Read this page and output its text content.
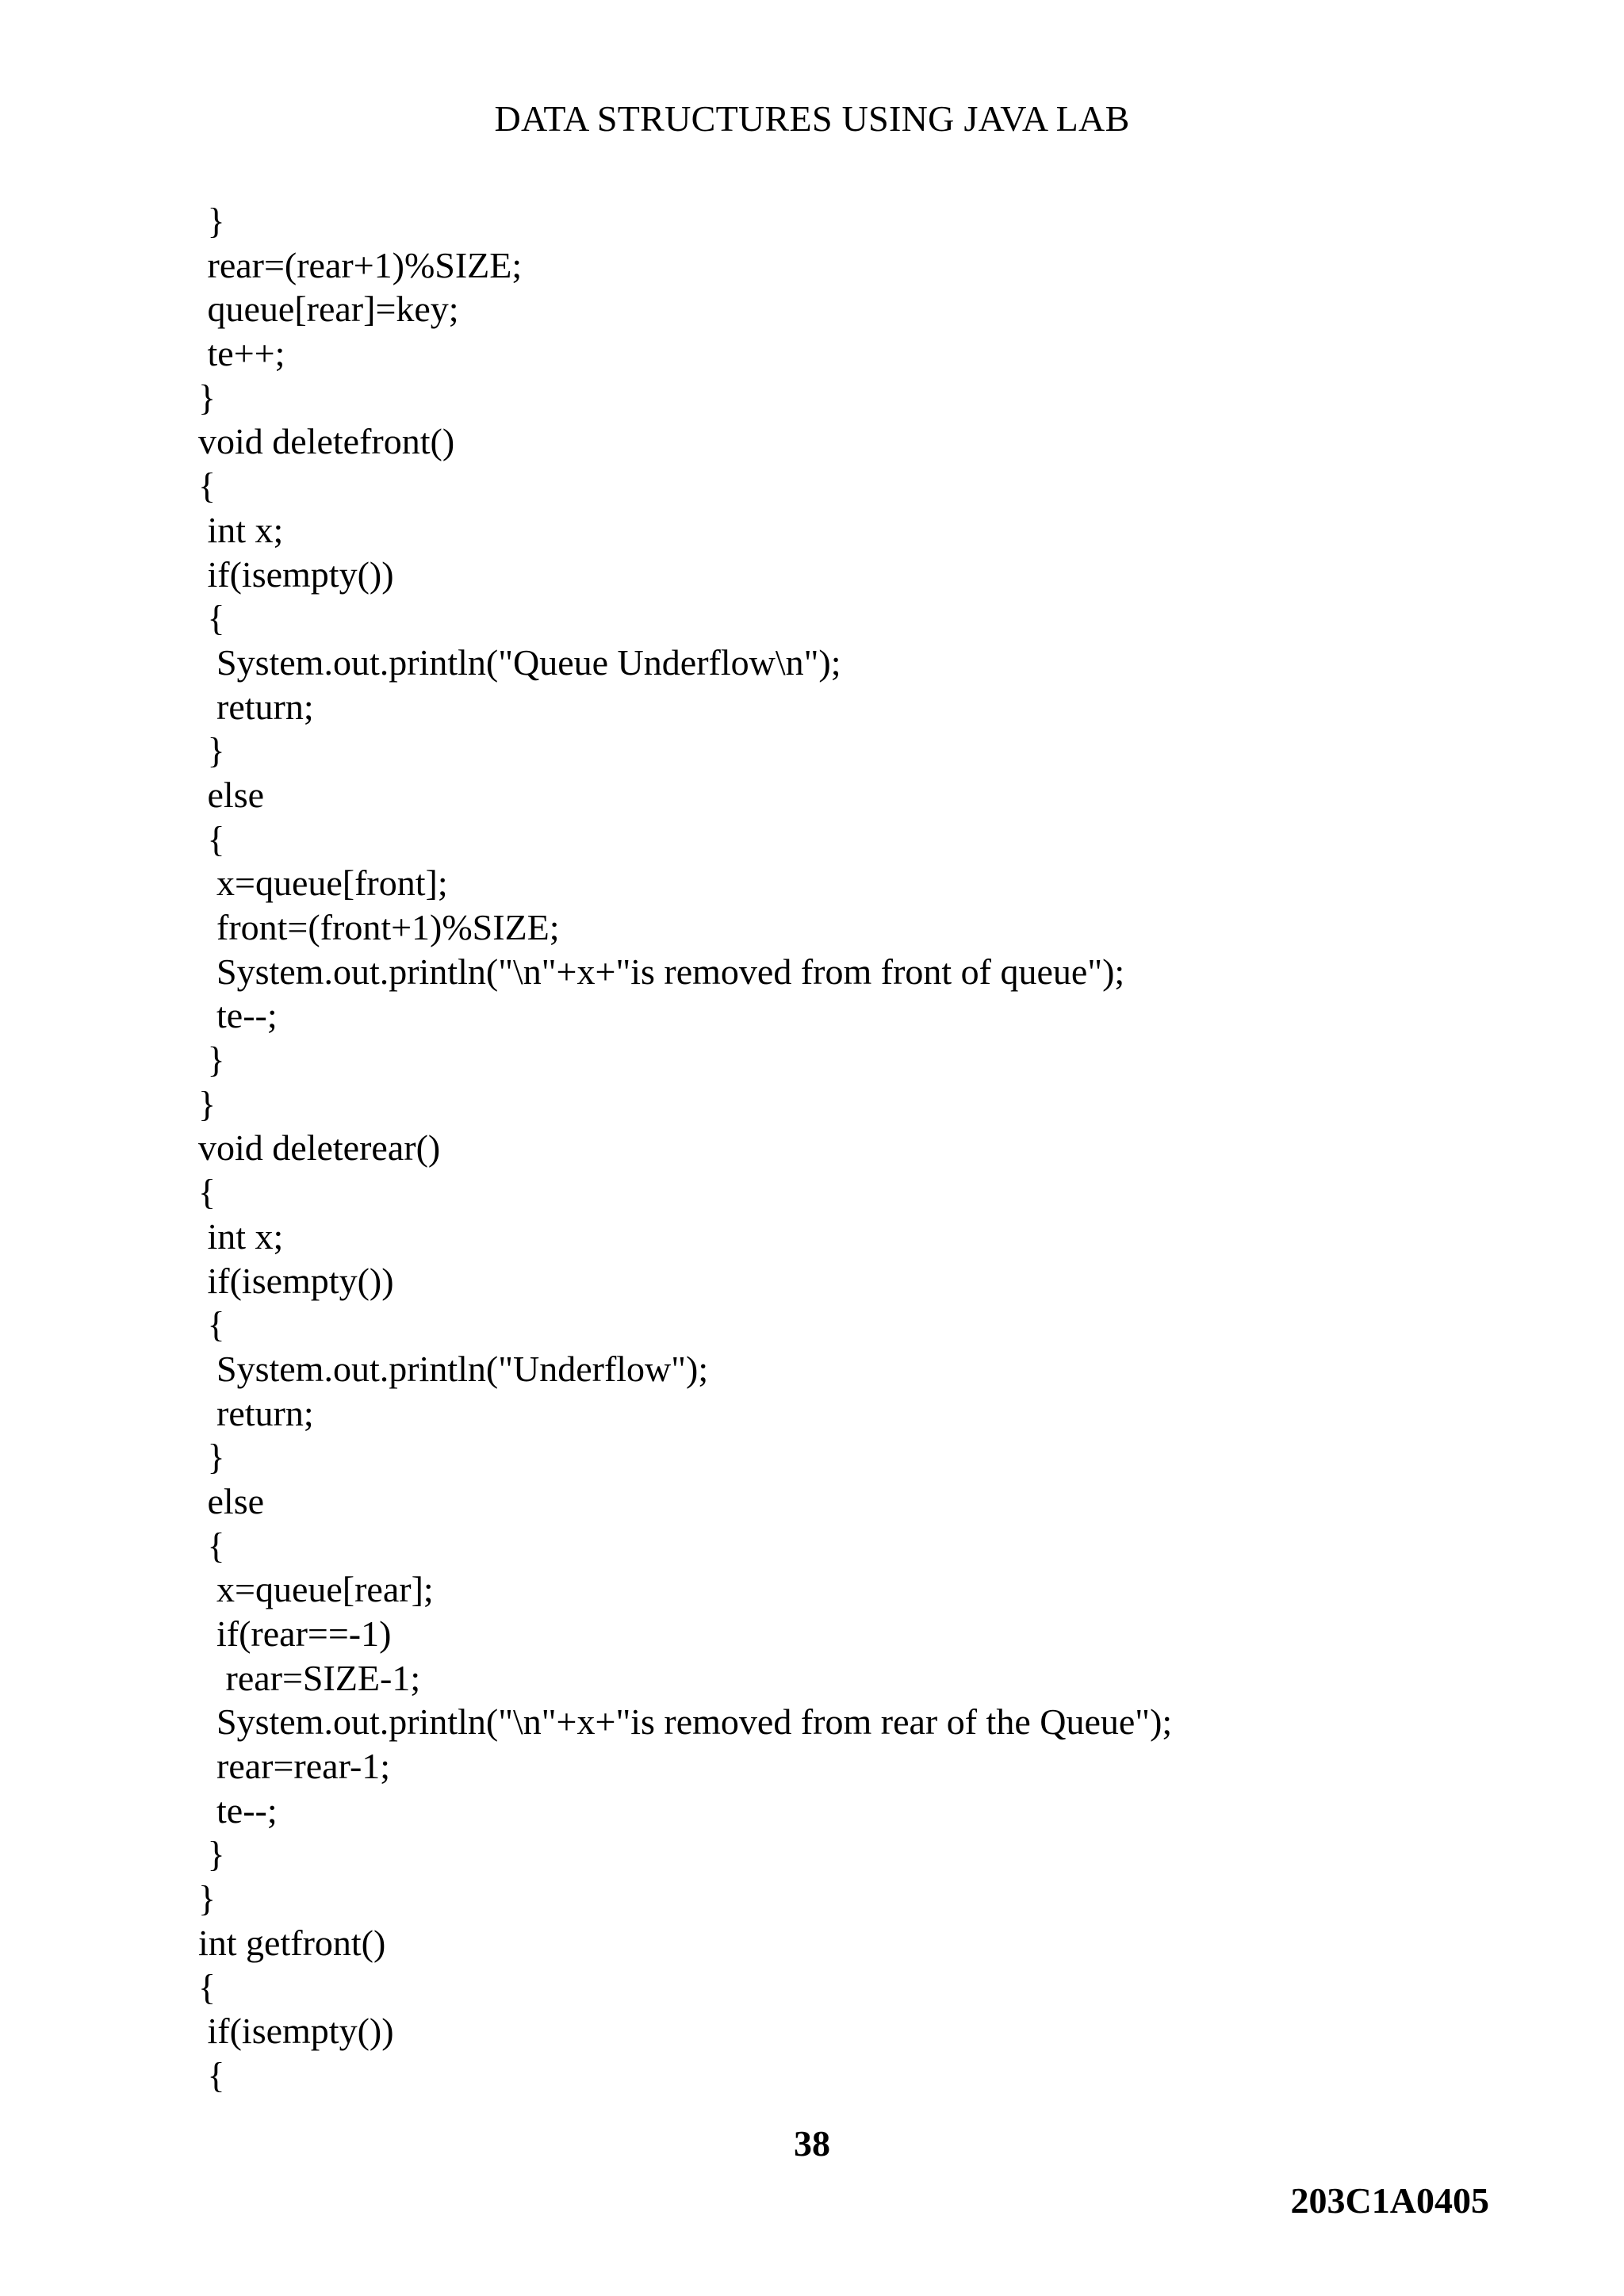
DATA STRUCTURES USING JAVA LAB
}
rear=(rear+1)%SIZE;
queue[rear]=key;
te++;
}
void deletefront()
{
int x;
if(isempty())
{
System.out.println("Queue Underflow\n");
return;
}
else
{
x=queue[front];
front=(front+1)%SIZE;
System.out.println("\n"+x+"is removed from front of queue");
te--;
}
}
void deleterear()
{
int x;
if(isempty())
{
System.out.println("Underflow");
return;
}
else
{
x=queue[rear];
if(rear==-1)
rear=SIZE-1;
System.out.println("\n"+x+"is removed from rear of the Queue");
rear=rear-1;
te--;
}
}
int getfront()
{
if(isempty())
{
38
203C1A0405
